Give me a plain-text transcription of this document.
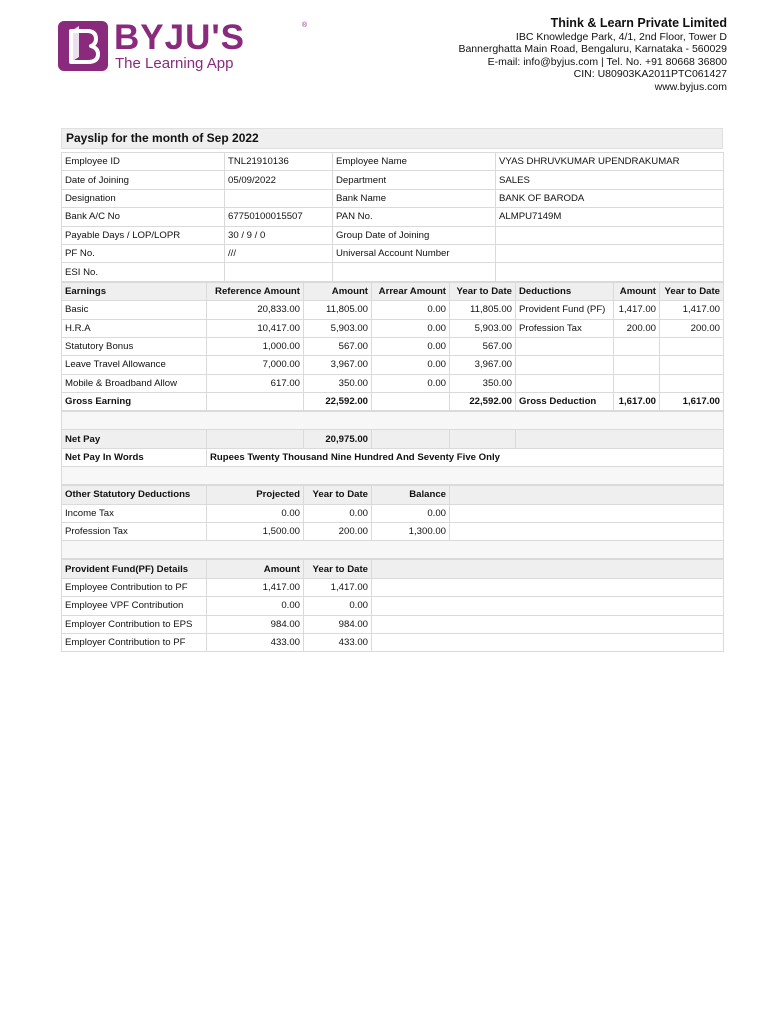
BYJU'S	®
The Learning App
Think & Learn Private Limited
IBC Knowledge Park, 4/1, 2nd Floor, Tower D
Bannerghatta Main Road, Bengaluru, Karnataka - 560029
E-mail: info@byjus.com | Tel. No. +91 80668 36800
CIN: U80903KA2011PTC061427
www.byjus.com
Payslip for the month of Sep 2022
Employee ID	TNL21910136	Employee Name	VYAS DHRUVKUMAR UPENDRAKUMAR
Date of Joining	05/09/2022	Department	SALES
Designation		Bank Name	BANK OF BARODA
Bank A/C No	67750100015507	PAN No.	ALMPU7149M
Payable Days / LOP/LOPR	30 / 9 / 0	Group Date of Joining	
PF No.	///	Universal Account Number	
ESI No.			
Earnings	Reference Amount	Amount	Arrear Amount	Year to Date	Deductions	Amount	Year to Date
Basic	20,833.00	11,805.00	0.00	11,805.00	Provident Fund (PF)	1,417.00	1,417.00
H.R.A	10,417.00	5,903.00	0.00	5,903.00	Profession Tax	200.00	200.00
Statutory Bonus	1,000.00	567.00	0.00	567.00			
Leave Travel Allowance	7,000.00	3,967.00	0.00	3,967.00			
Mobile & Broadband Allow	617.00	350.00	0.00	350.00			
Gross Earning		22,592.00		22,592.00	Gross Deduction	1,617.00	1,617.00

Net Pay		20,975.00			
Net Pay In Words	Rupees Twenty Thousand Nine Hundred And Seventy Five Only				

Other Statutory Deductions	Projected	Year to Date	Balance	
Income Tax	0.00	0.00	0.00	
Profession Tax	1,500.00	200.00	1,300.00	

Provident Fund(PF) Details	Amount	Year to Date	
Employee Contribution to PF	1,417.00	1,417.00	
Employee VPF Contribution	0.00	0.00	
Employer Contribution to EPS	984.00	984.00	
Employer Contribution to PF	433.00	433.00	
